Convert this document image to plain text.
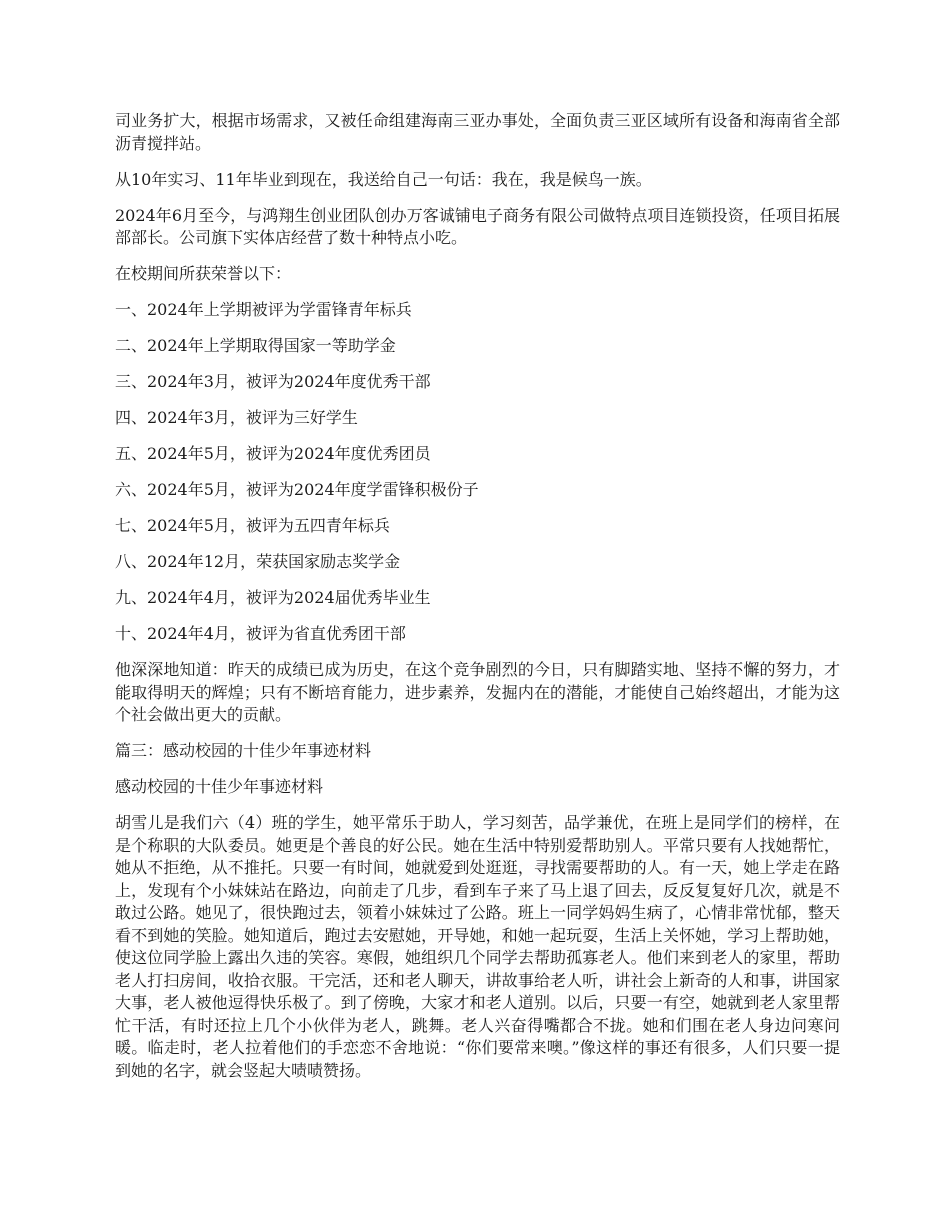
司业务扩大，根据市场需求，又被任命组建海南三亚办事处，全面负责三亚区域所有设备和海南省全部沥青搅拌站。

从10年实习、11年毕业到现在，我送给自己一句话：我在，我是候鸟一族。

2024年6月至今，与鸿翔生创业团队创办万客诚铺电子商务有限公司做特点项目连锁投资，任项目拓展部部长。公司旗下实体店经营了数十种特点小吃。

在校期间所获荣誉以下：

一、2024年上学期被评为学雷锋青年标兵

二、2024年上学期取得国家一等助学金

三、2024年3月，被评为2024年度优秀干部

四、2024年3月，被评为三好学生

五、2024年5月，被评为2024年度优秀团员

六、2024年5月，被评为2024年度学雷锋积极份子

七、2024年5月，被评为五四青年标兵

八、2024年12月，荣获国家励志奖学金

九、2024年4月，被评为2024届优秀毕业生

十、2024年4月，被评为省直优秀团干部

他深深地知道：昨天的成绩已成为历史，在这个竞争剧烈的今日，只有脚踏实地、坚持不懈的努力，才能取得明天的辉煌；只有不断培育能力，进步素养，发掘内在的潜能，才能使自己始终超出，才能为这个社会做出更大的贡献。

篇三：感动校园的十佳少年事迹材料

感动校园的十佳少年事迹材料

胡雪儿是我们六（4）班的学生，她平常乐于助人，学习刻苦，品学兼优，在班上是同学们的榜样，在是个称职的大队委员。她更是个善良的好公民。她在生活中特别爱帮助别人。平常只要有人找她帮忙，她从不拒绝，从不推托。只要一有时间，她就爱到处逛逛，寻找需要帮助的人。有一天，她上学走在路上，发现有个小妹妹站在路边，向前走了几步，看到车子来了马上退了回去，反反复复好几次，就是不敢过公路。她见了，很快跑过去，领着小妹妹过了公路。班上一同学妈妈生病了，心情非常忧郁，整天看不到她的笑脸。她知道后，跑过去安慰她，开导她，和她一起玩耍，生活上关怀她，学习上帮助她，使这位同学脸上露出久违的笑容。寒假，她组织几个同学去帮助孤寡老人。他们来到老人的家里，帮助老人打扫房间，收拾衣服。干完活，还和老人聊天，讲故事给老人听，讲社会上新奇的人和事，讲国家大事，老人被他逗得快乐极了。到了傍晚，大家才和老人道别。以后，只要一有空，她就到老人家里帮忙干活，有时还拉上几个小伙伴为老人，跳舞。老人兴奋得嘴都合不拢。她和们围在老人身边问寒问暖。临走时，老人拉着他们的手恋恋不舍地说：“你们要常来噢。”像这样的事还有很多，人们只要一提到她的名字，就会竖起大啧啧赞扬。
